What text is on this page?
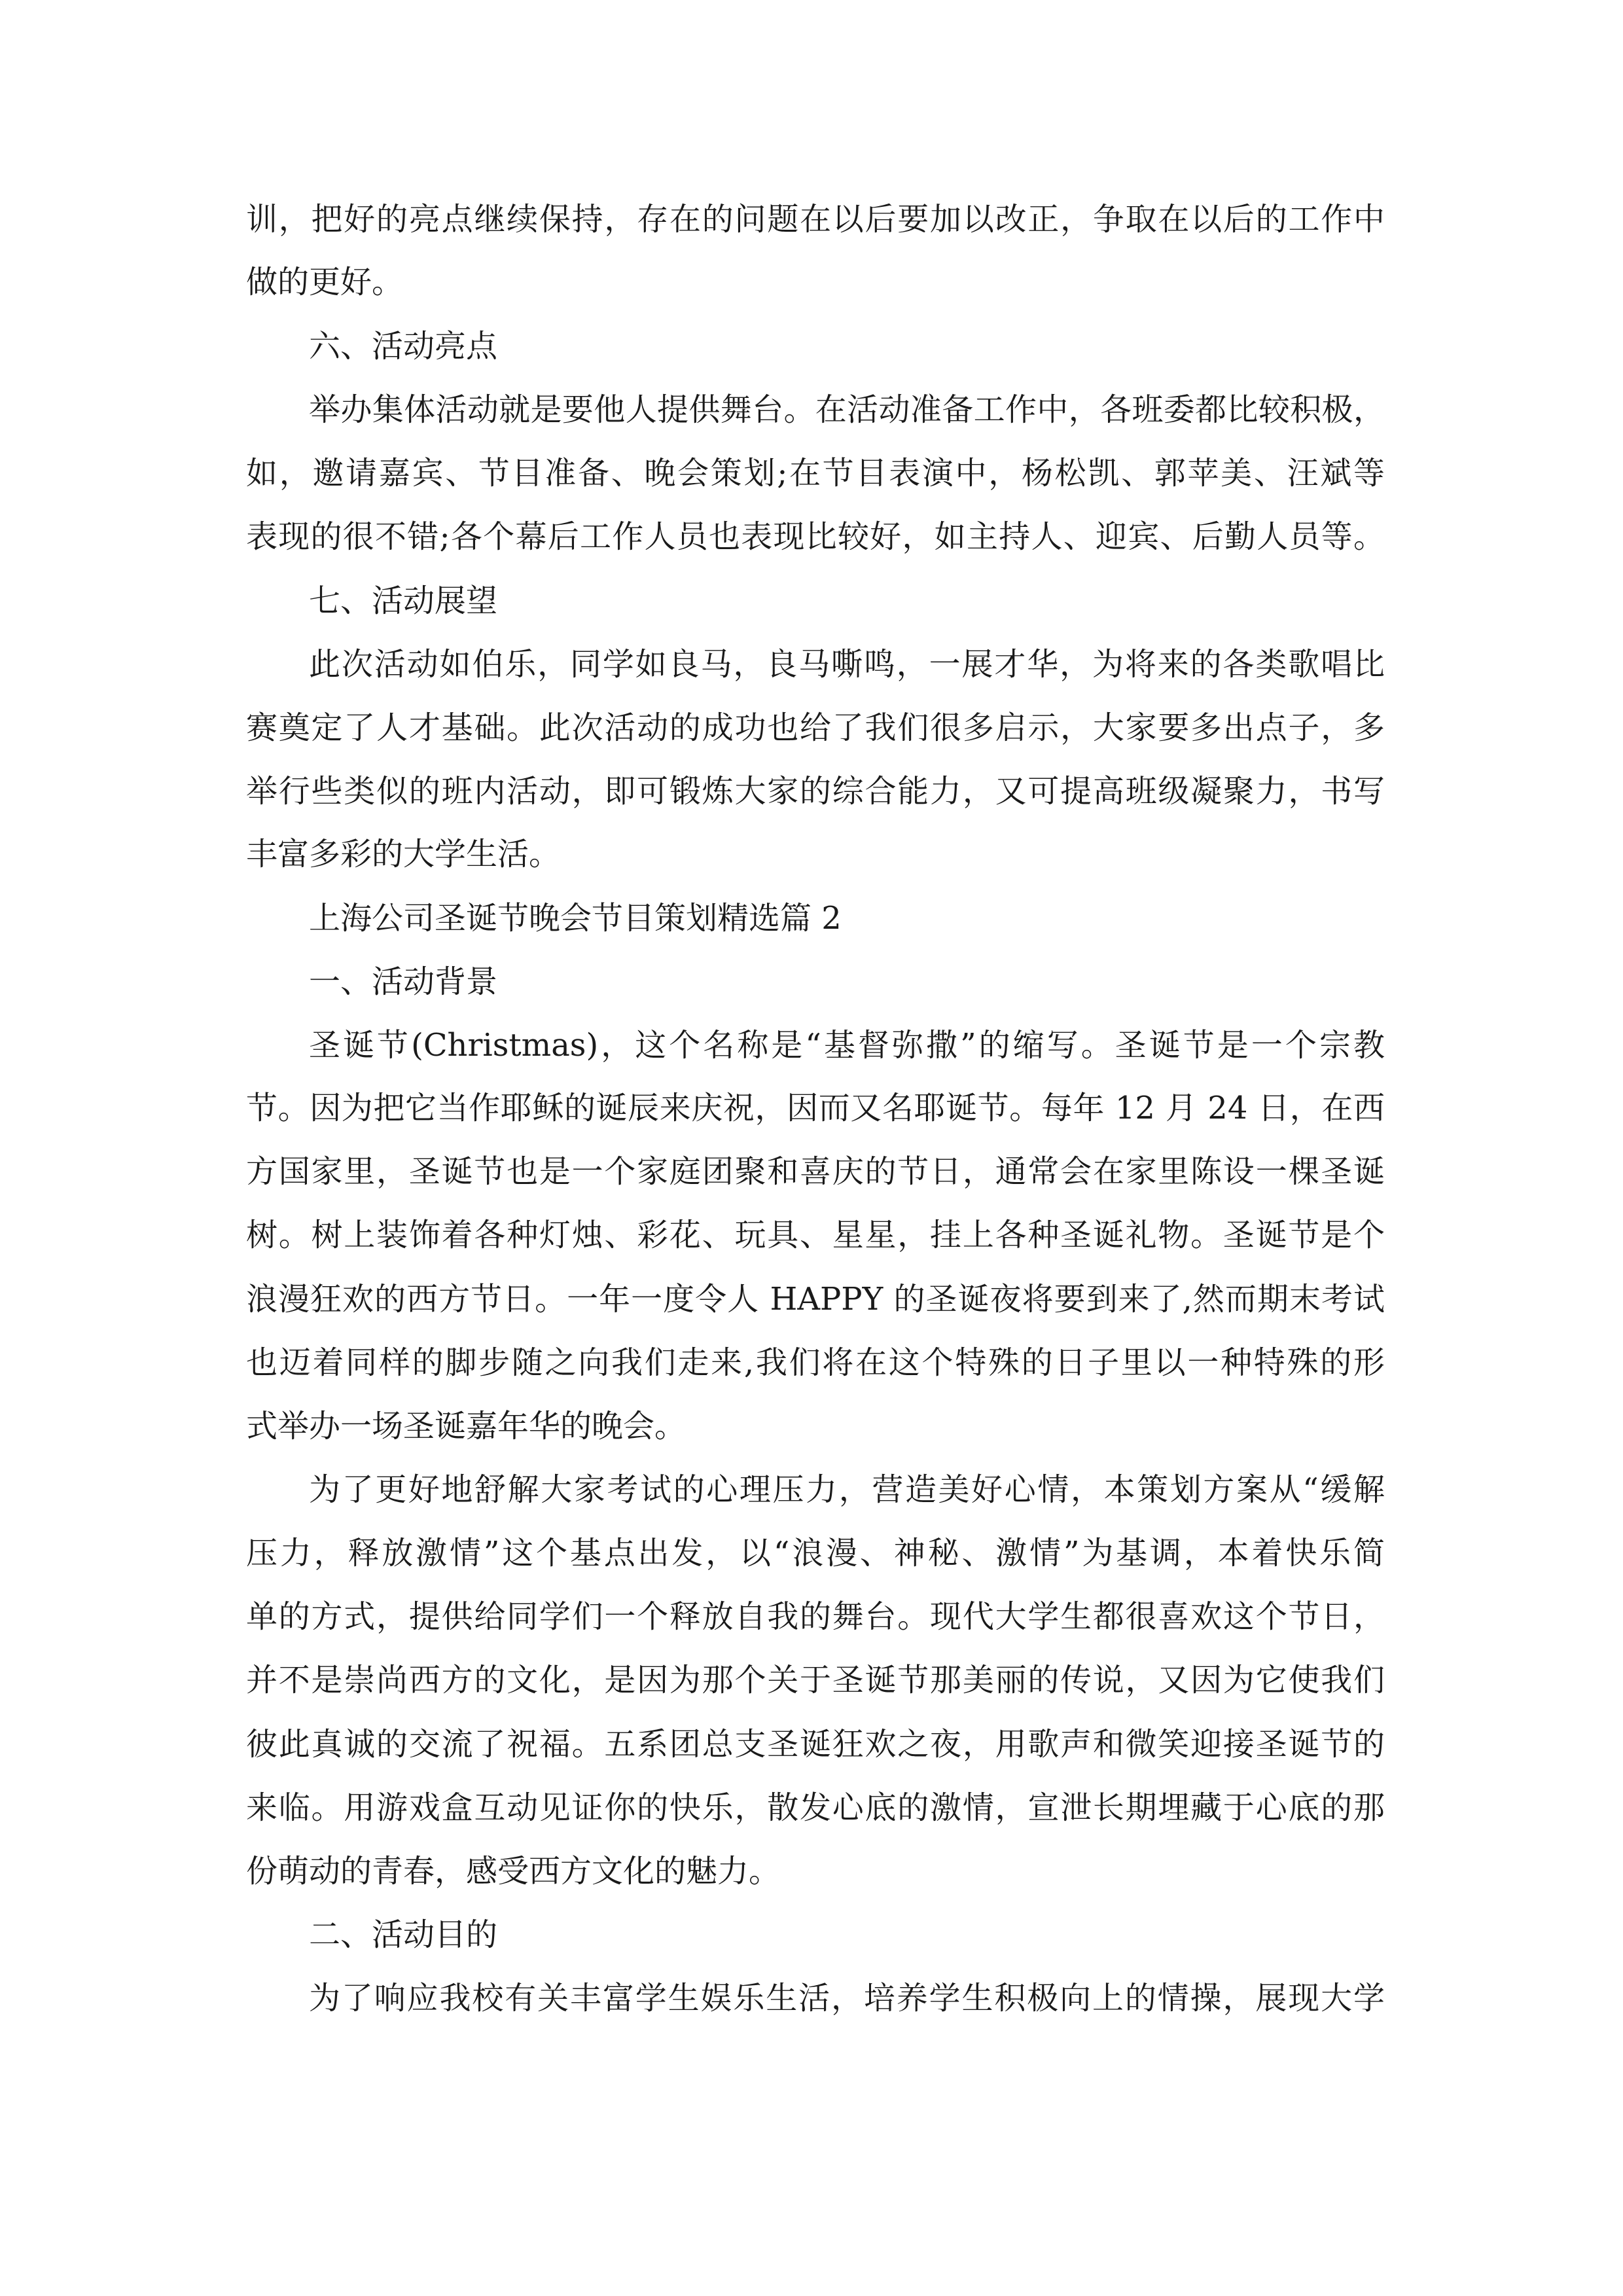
训，把好的亮点继续保持，存在的问题在以后要加以改正，争取在以后的工作中
做的更好。
六、活动亮点
举办集体活动就是要他人提供舞台。在活动准备工作中，各班委都比较积极，
如，邀请嘉宾、节目准备、晚会策划;在节目表演中，杨松凯、郭苹美、汪斌等
表现的很不错;各个幕后工作人员也表现比较好，如主持人、迎宾、后勤人员等。
七、活动展望
此次活动如伯乐，同学如良马，良马嘶鸣，一展才华，为将来的各类歌唱比
赛奠定了人才基础。此次活动的成功也给了我们很多启示，大家要多出点子，多
举行些类似的班内活动，即可锻炼大家的综合能力，又可提高班级凝聚力，书写
丰富多彩的大学生活。
上海公司圣诞节晚会节目策划精选篇 2
一、活动背景
圣诞节(Christmas)，这个名称是“基督弥撒”的缩写。圣诞节是一个宗教
节。因为把它当作耶稣的诞辰来庆祝，因而又名耶诞节。每年 12 月 24 日，在西
方国家里，圣诞节也是一个家庭团聚和喜庆的节日，通常会在家里陈设一棵圣诞
树。树上装饰着各种灯烛、彩花、玩具、星星，挂上各种圣诞礼物。圣诞节是个
浪漫狂欢的西方节日。一年一度令人 HAPPY 的圣诞夜将要到来了,然而期末考试
也迈着同样的脚步随之向我们走来,我们将在这个特殊的日子里以一种特殊的形
式举办一场圣诞嘉年华的晚会。
为了更好地舒解大家考试的心理压力，营造美好心情，本策划方案从“缓解
压力，释放激情”这个基点出发，以“浪漫、神秘、激情”为基调，本着快乐简
单的方式，提供给同学们一个释放自我的舞台。现代大学生都很喜欢这个节日，
并不是崇尚西方的文化，是因为那个关于圣诞节那美丽的传说，又因为它使我们
彼此真诚的交流了祝福。五系团总支圣诞狂欢之夜，用歌声和微笑迎接圣诞节的
来临。用游戏盒互动见证你的快乐，散发心底的激情，宣泄长期埋藏于心底的那
份萌动的青春，感受西方文化的魅力。
二、活动目的
为了响应我校有关丰富学生娱乐生活，培养学生积极向上的情操，展现大学
